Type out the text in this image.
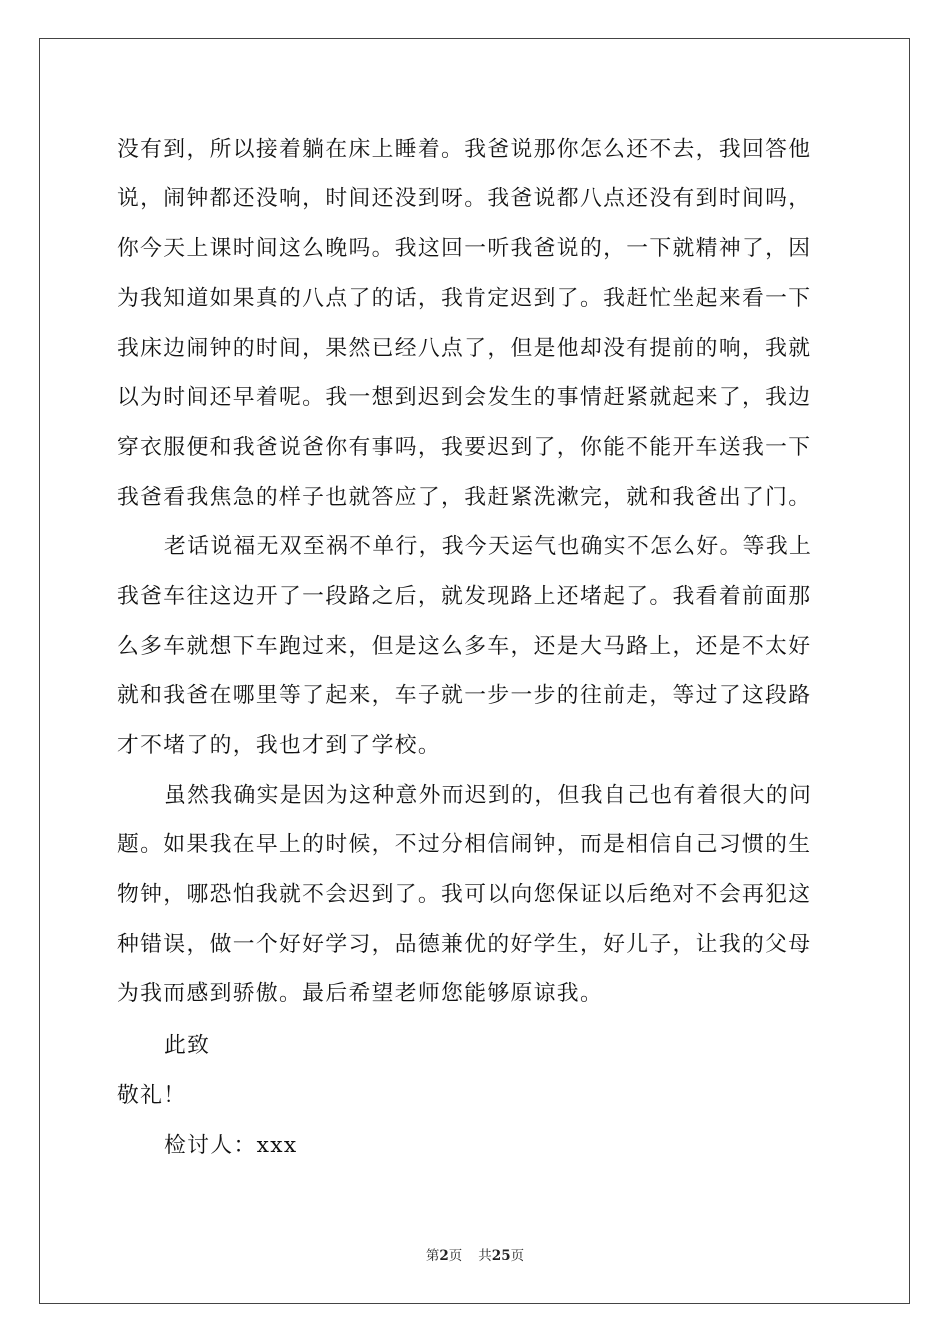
没有到，所以接着躺在床上睡着。我爸说那你怎么还不去，我回答他
说，闹钟都还没响，时间还没到呀。我爸说都八点还没有到时间吗，
你今天上课时间这么晚吗。我这回一听我爸说的，一下就精神了，因
为我知道如果真的八点了的话，我肯定迟到了。我赶忙坐起来看一下
我床边闹钟的时间，果然已经八点了，但是他却没有提前的响，我就
以为时间还早着呢。我一想到迟到会发生的事情赶紧就起来了，我边
穿衣服便和我爸说爸你有事吗，我要迟到了，你能不能开车送我一下
我爸看我焦急的样子也就答应了，我赶紧洗漱完，就和我爸出了门。
老话说福无双至祸不单行，我今天运气也确实不怎么好。等我上
我爸车往这边开了一段路之后，就发现路上还堵起了。我看着前面那
么多车就想下车跑过来，但是这么多车，还是大马路上，还是不太好
就和我爸在哪里等了起来，车子就一步一步的往前走，等过了这段路
才不堵了的，我也才到了学校。
虽然我确实是因为这种意外而迟到的，但我自己也有着很大的问
题。如果我在早上的时候，不过分相信闹钟，而是相信自己习惯的生
物钟，哪恐怕我就不会迟到了。我可以向您保证以后绝对不会再犯这
种错误，做一个好好学习，品德兼优的好学生，好儿子，让我的父母
为我而感到骄傲。最后希望老师您能够原谅我。
此致
敬礼！
检讨人：xxx
第2页 共25页
